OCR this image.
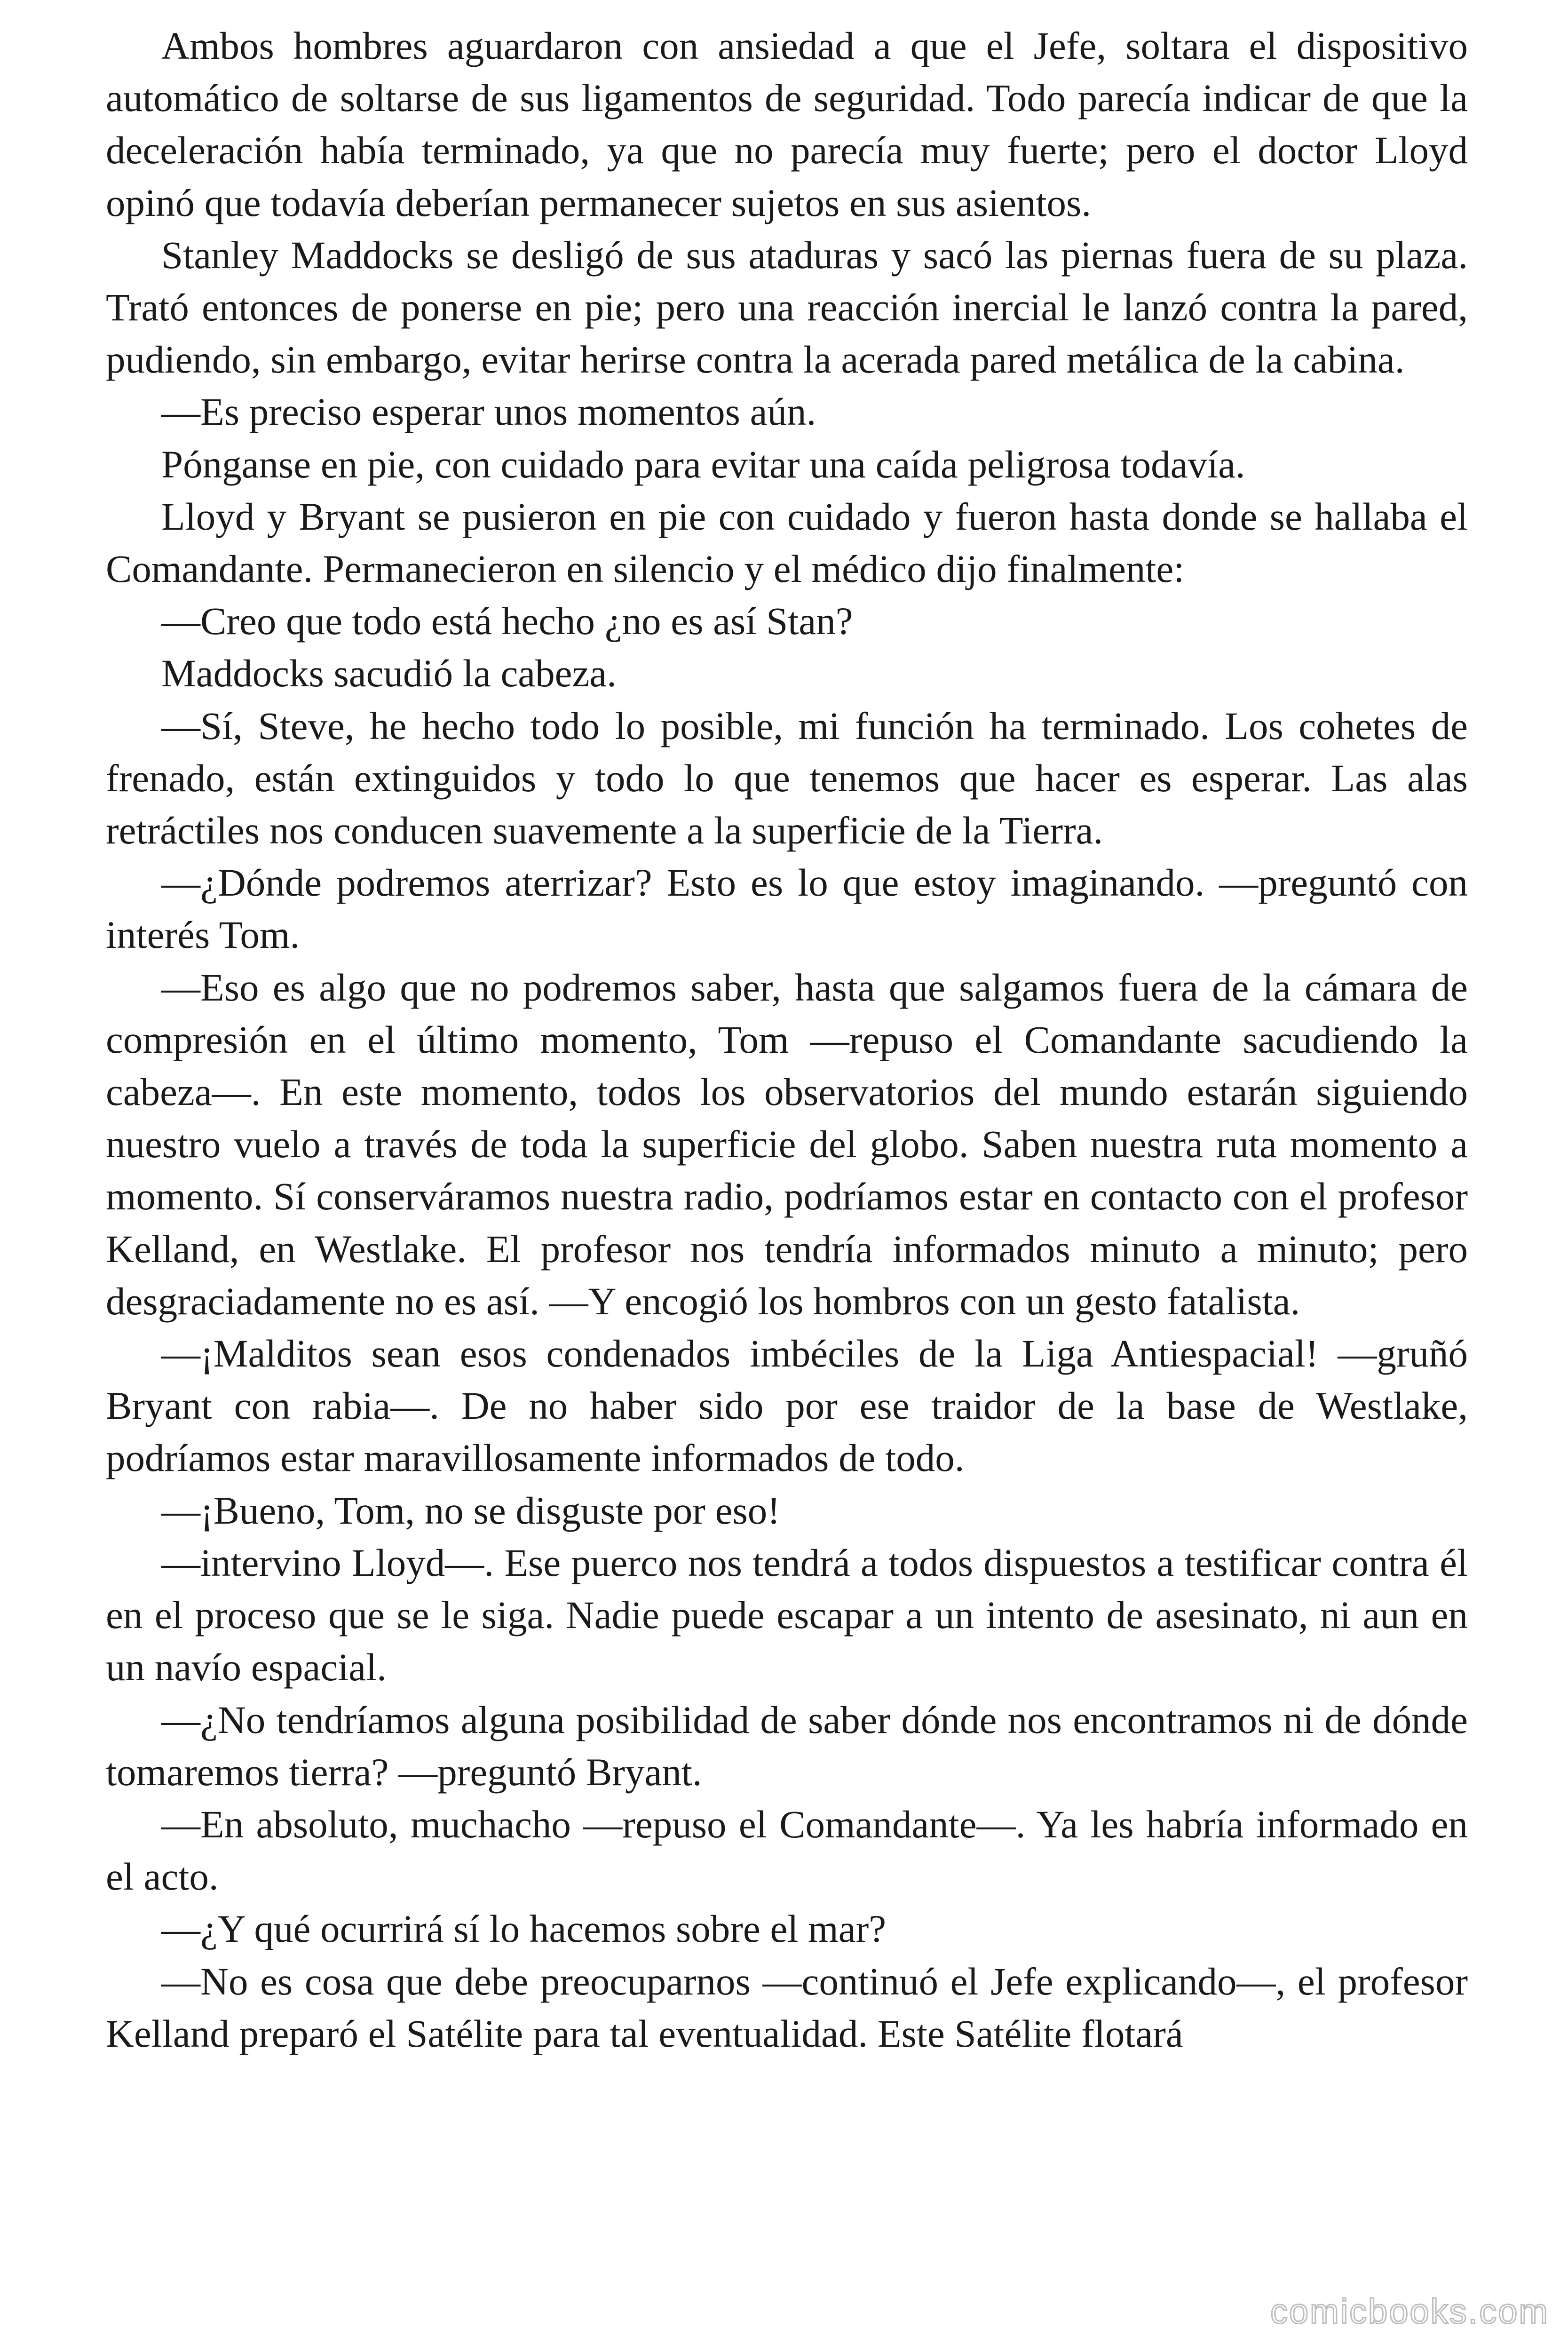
Ambos hombres aguardaron con ansiedad a que el Jefe, soltara el dispositivo automático de soltarse de sus ligamentos de seguridad. Todo parecía indicar de que la deceleración había terminado, ya que no parecía muy fuerte; pero el doctor Lloyd opinó que todavía deberían permanecer sujetos en sus asientos.

Stanley Maddocks se desligó de sus ataduras y sacó las piernas fuera de su plaza. Trató entonces de ponerse en pie; pero una reacción inercial le lanzó contra la pared, pudiendo, sin embargo, evitar herirse contra la acerada pared metálica de la cabina.

—Es preciso esperar unos momentos aún.

Pónganse en pie, con cuidado para evitar una caída peligrosa todavía.

Lloyd y Bryant se pusieron en pie con cuidado y fueron hasta donde se hallaba el Comandante. Permanecieron en silencio y el médico dijo finalmente:

—Creo que todo está hecho ¿no es así Stan?

Maddocks sacudió la cabeza.

—Sí, Steve, he hecho todo lo posible, mi función ha terminado. Los cohetes de frenado, están extinguidos y todo lo que tenemos que hacer es esperar. Las alas retráctiles nos conducen suavemente a la superficie de la Tierra.

—¿Dónde podremos aterrizar? Esto es lo que estoy imaginando. —preguntó con interés Tom.

—Eso es algo que no podremos saber, hasta que salgamos fuera de la cámara de compresión en el último momento, Tom —repuso el Comandante sacudiendo la cabeza—. En este momento, todos los observatorios del mundo estarán siguiendo nuestro vuelo a través de toda la superficie del globo. Saben nuestra ruta momento a momento. Sí conserváramos nuestra radio, podríamos estar en contacto con el profesor Kelland, en Westlake. El profesor nos tendría informados minuto a minuto; pero desgraciadamente no es así. —Y encogió los hombros con un gesto fatalista.

—¡Malditos sean esos condenados imbéciles de la Liga Antiespacial! —gruñó Bryant con rabia—. De no haber sido por ese traidor de la base de Westlake, podríamos estar maravillosamente informados de todo.

—¡Bueno, Tom, no se disguste por eso!

—intervino Lloyd—. Ese puerco nos tendrá a todos dispuestos a testificar contra él en el proceso que se le siga. Nadie puede escapar a un intento de asesinato, ni aun en un navío espacial.

—¿No tendríamos alguna posibilidad de saber dónde nos encontramos ni de dónde tomaremos tierra? —preguntó Bryant.

—En absoluto, muchacho —repuso el Comandante—. Ya les habría informado en el acto.

—¿Y qué ocurrirá sí lo hacemos sobre el mar?

—No es cosa que debe preocuparnos —continuó el Jefe explicando—, el profesor Kelland preparó el Satélite para tal eventualidad. Este Satélite flotará

comicbooks.com
